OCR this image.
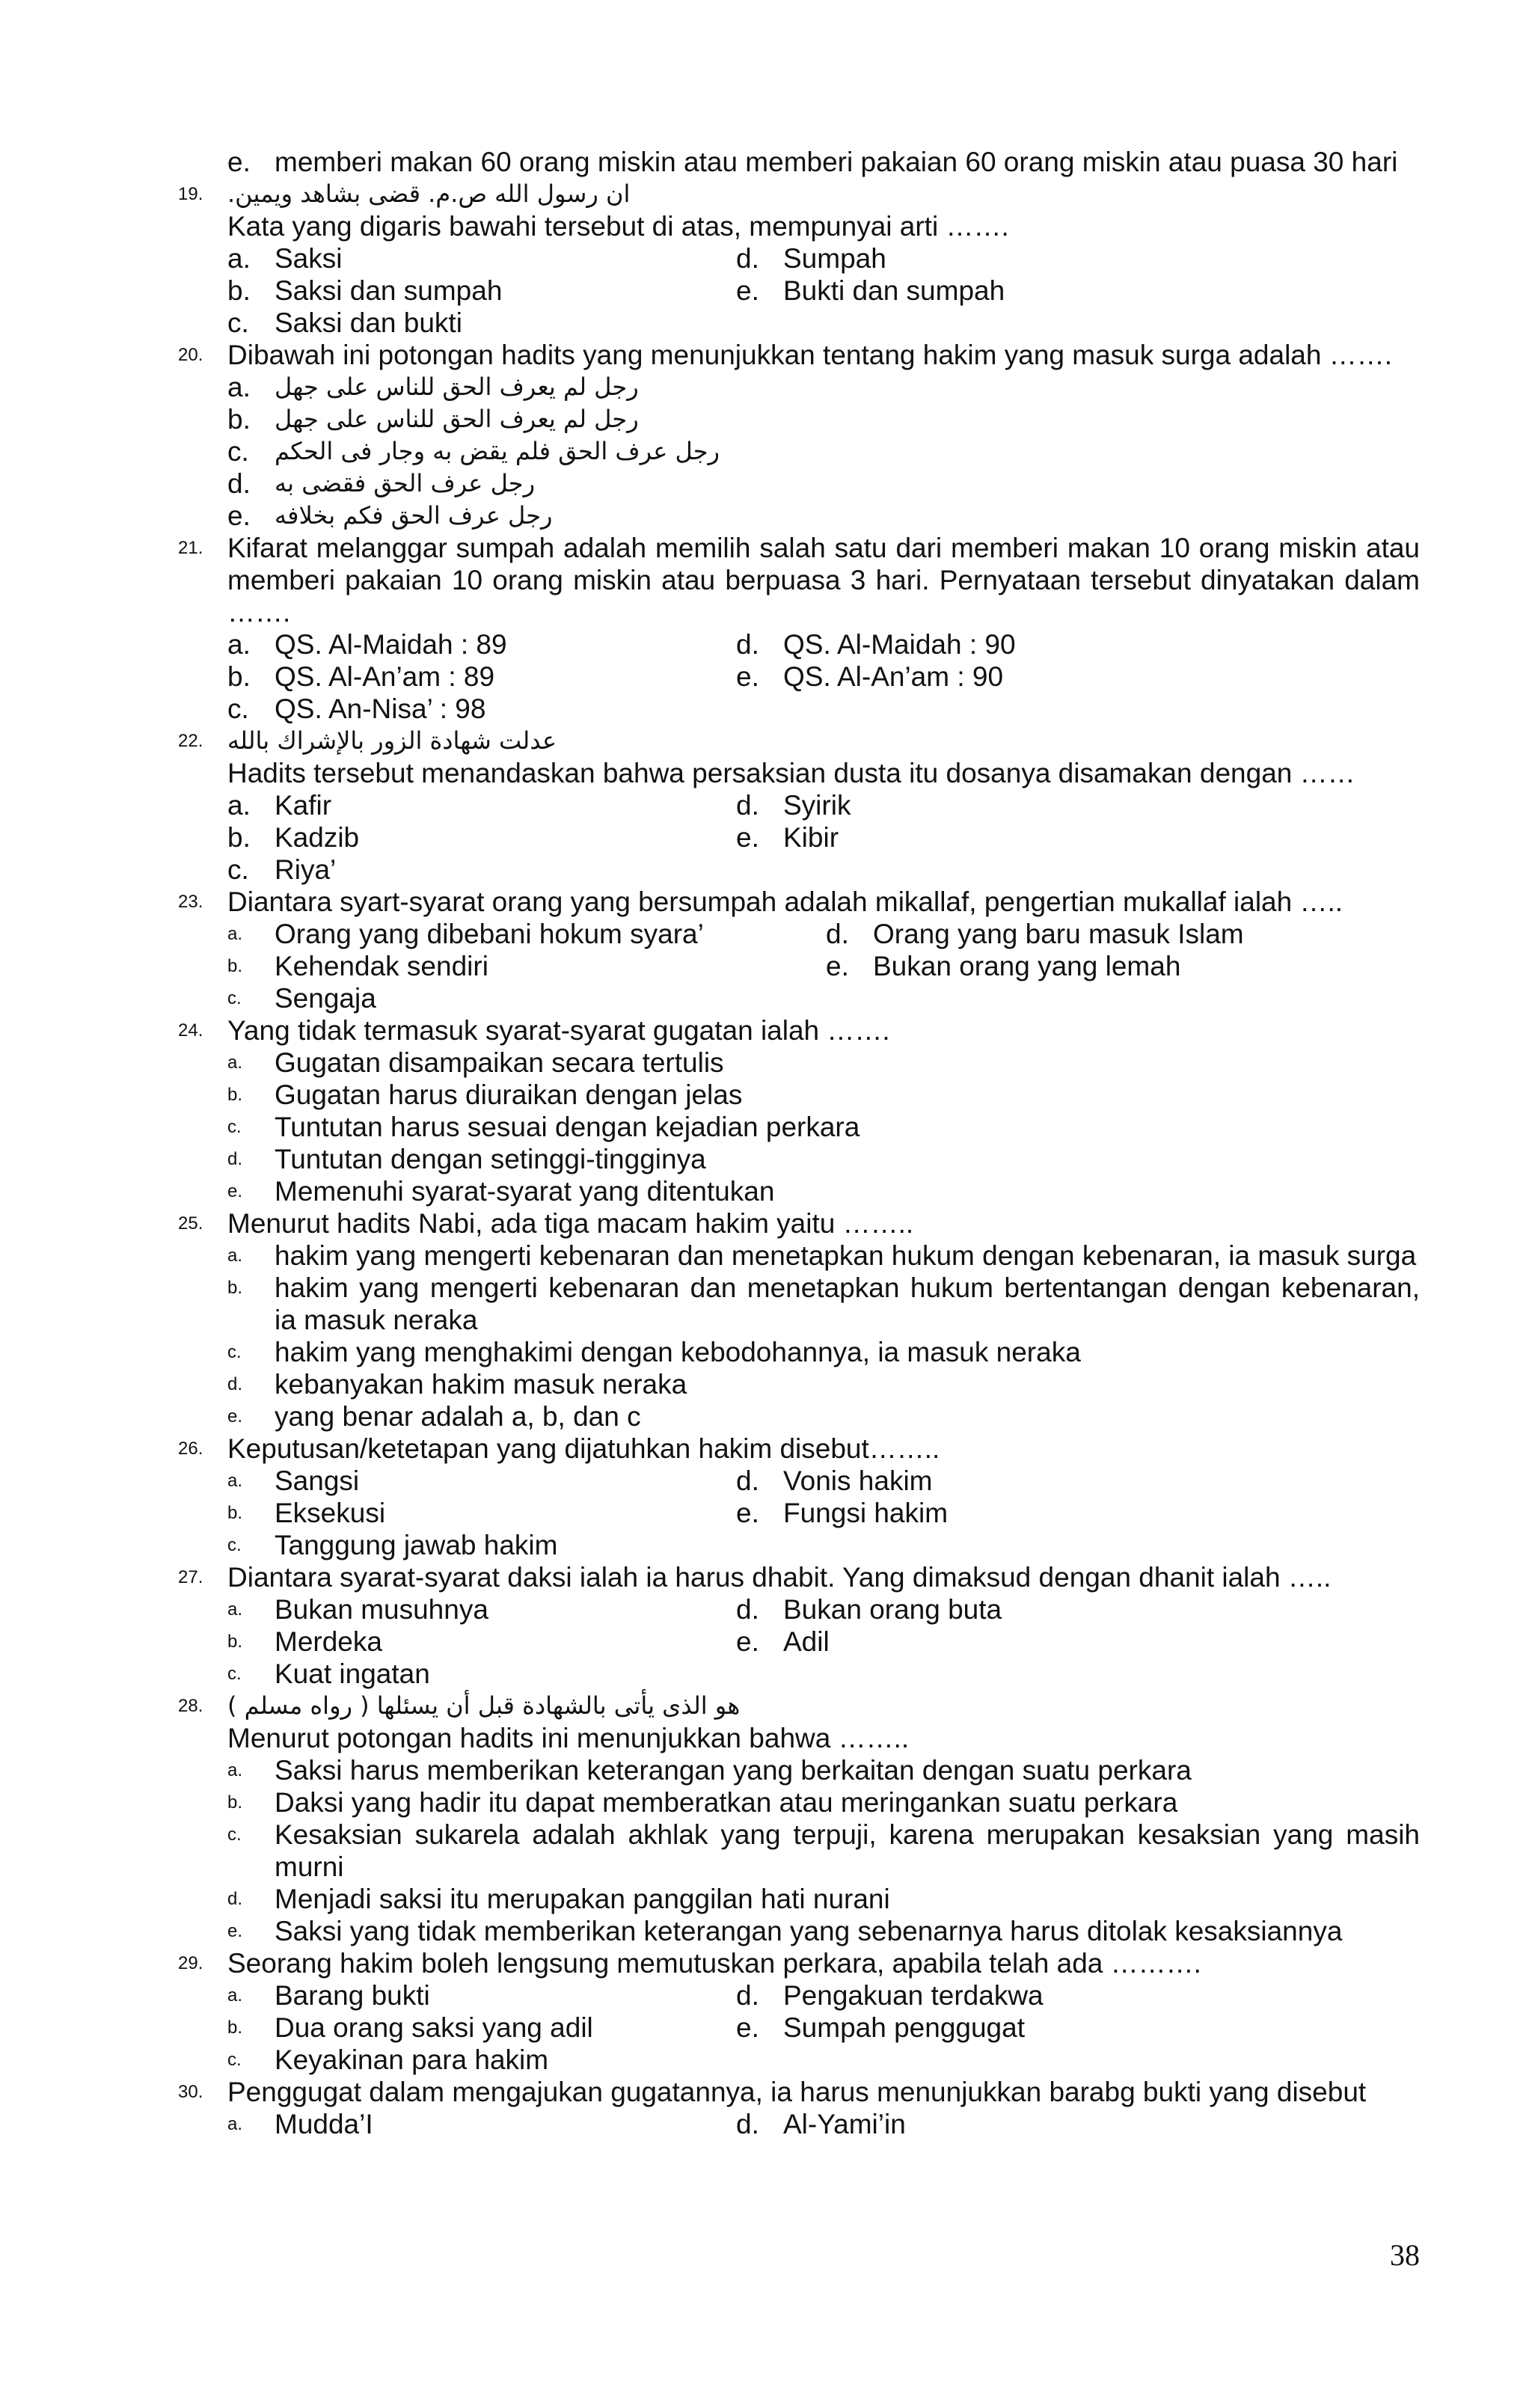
e. memberi makan 60 orang miskin atau memberi pakaian 60 orang miskin atau puasa 30 hari
19.	ان رسول الله ص.م. قضى بشاهد ويمين.
Kata yang digaris bawahi tersebut di atas, mempunyai arti …….
a. Saksi	d. Sumpah
b. Saksi dan sumpah	e. Bukti dan sumpah
c. Saksi dan bukti
20. Dibawah ini potongan hadits yang menunjukkan tentang hakim yang masuk surga adalah …….
a. رجل لم يعرف الحق للناس على جهل
b. رجل لم يعرف الحق للناس على جهل
c. رجل عرف الحق فلم يقض به وجار فى الحكم
d. رجل عرف الحق فقضى به
e. رجل عرف الحق فكم بخلافه
21. Kifarat melanggar sumpah adalah memilih salah satu dari memberi makan 10 orang miskin atau memberi pakaian 10 orang miskin atau berpuasa 3 hari. Pernyataan tersebut dinyatakan dalam …….
a. QS. Al-Maidah : 89	d. QS. Al-Maidah : 90
b. QS. Al-An’am : 89	e. QS. Al-An’am : 90
c. QS. An-Nisa’ : 98
22.	عدلت شهادة الزور بالإشراك بالله
Hadits tersebut menandaskan bahwa persaksian dusta itu dosanya disamakan dengan ……
a. Kafir	d. Syirik
b. Kadzib	e. Kibir
c. Riya’
23. Diantara syart-syarat orang yang bersumpah adalah mikallaf, pengertian mukallaf ialah …..
a. Orang yang dibebani hokum syara’	d. Orang yang baru masuk Islam
b. Kehendak sendiri	e. Bukan orang yang lemah
c. Sengaja
24. Yang tidak termasuk syarat-syarat gugatan ialah …….
a. Gugatan disampaikan secara tertulis
b. Gugatan harus diuraikan dengan jelas
c. Tuntutan harus sesuai dengan kejadian perkara
d. Tuntutan dengan setinggi-tingginya
e. Memenuhi syarat-syarat yang ditentukan
25. Menurut hadits Nabi, ada tiga macam hakim yaitu ……..
a. hakim yang mengerti kebenaran dan menetapkan hukum dengan kebenaran, ia masuk surga
b. hakim yang mengerti kebenaran dan menetapkan hukum bertentangan dengan kebenaran, ia masuk neraka
c. hakim yang menghakimi dengan kebodohannya, ia masuk neraka
d. kebanyakan hakim masuk neraka
e. yang benar adalah a, b, dan c
26. Keputusan/ketetapan yang dijatuhkan hakim disebut……..
a. Sangsi	d. Vonis hakim
b. Eksekusi	e. Fungsi hakim
c. Tanggung jawab hakim
27. Diantara syarat-syarat daksi ialah ia harus dhabit. Yang dimaksud dengan dhanit ialah …..
a. Bukan musuhnya	d. Bukan orang buta
b. Merdeka	e. Adil
c. Kuat ingatan
28.	هو الذى يأتى بالشهادة قبل أن يسئلها ( رواه مسلم )
Menurut potongan hadits ini menunjukkan bahwa ……..
a. Saksi harus memberikan keterangan yang berkaitan dengan suatu perkara
b. Daksi yang hadir itu dapat memberatkan atau meringankan suatu perkara
c. Kesaksian sukarela adalah akhlak yang terpuji, karena merupakan kesaksian yang masih murni
d. Menjadi saksi itu merupakan panggilan hati nurani
e. Saksi yang tidak memberikan keterangan yang sebenarnya harus ditolak kesaksiannya
29. Seorang hakim boleh lengsung memutuskan perkara, apabila telah ada ……….
a. Barang bukti	d. Pengakuan terdakwa
b. Dua orang saksi yang adil	e. Sumpah penggugat
c. Keyakinan para hakim
30. Penggugat dalam mengajukan gugatannya, ia harus menunjukkan barabg bukti yang disebut
a. Mudda’I	d. Al-Yami’in
38
